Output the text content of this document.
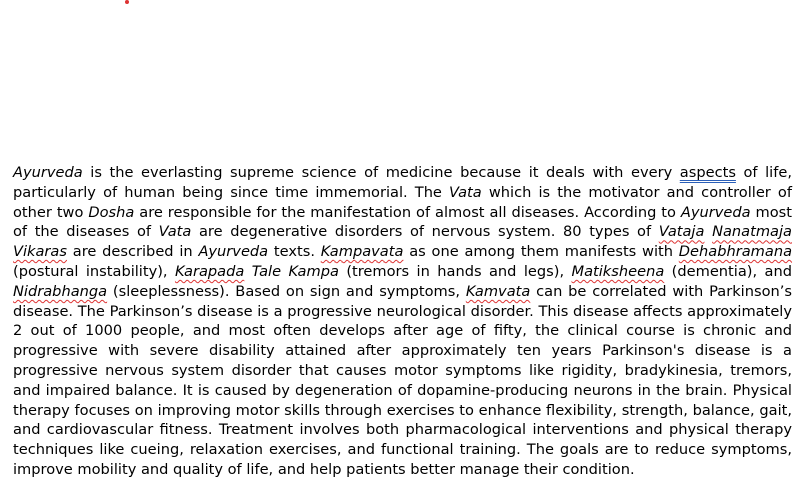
Ayurveda is the everlasting supreme science of medicine because it deals with every aspects of life, particularly of human being since time immemorial. The Vata which is the motivator and controller of other two Dosha are responsible for the manifestation of almost all diseases. According to Ayurveda most of the diseases of Vata are degenerative disorders of nervous system. 80 types of Vataja Nanatmaja Vikaras are described in Ayurveda texts. Kampavata as one among them manifests with Dehabhramana (postural instability), Karapada Tale Kampa (tremors in hands and legs), Matiksheena (dementia), and Nidrabhanga (sleeplessness). Based on sign and symptoms, Kamvata can be correlated with Parkinson’s disease. The Parkinson’s disease is a progressive neurological disorder. This disease affects approximately 2 out of 1000 people, and most often develops after age of fifty, the clinical course is chronic and progressive with severe disability attained after approximately ten years Parkinson's disease is a progressive nervous system disorder that causes motor symptoms like rigidity, bradykinesia, tremors, and impaired balance. It is caused by degeneration of dopamine-producing neurons in the brain. Physical therapy focuses on improving motor skills through exercises to enhance flexibility, strength, balance, gait, and cardiovascular fitness. Treatment involves both pharmacological interventions and physical therapy techniques like cueing, relaxation exercises, and functional training. The goals are to reduce symptoms, improve mobility and quality of life, and help patients better manage their condition.
